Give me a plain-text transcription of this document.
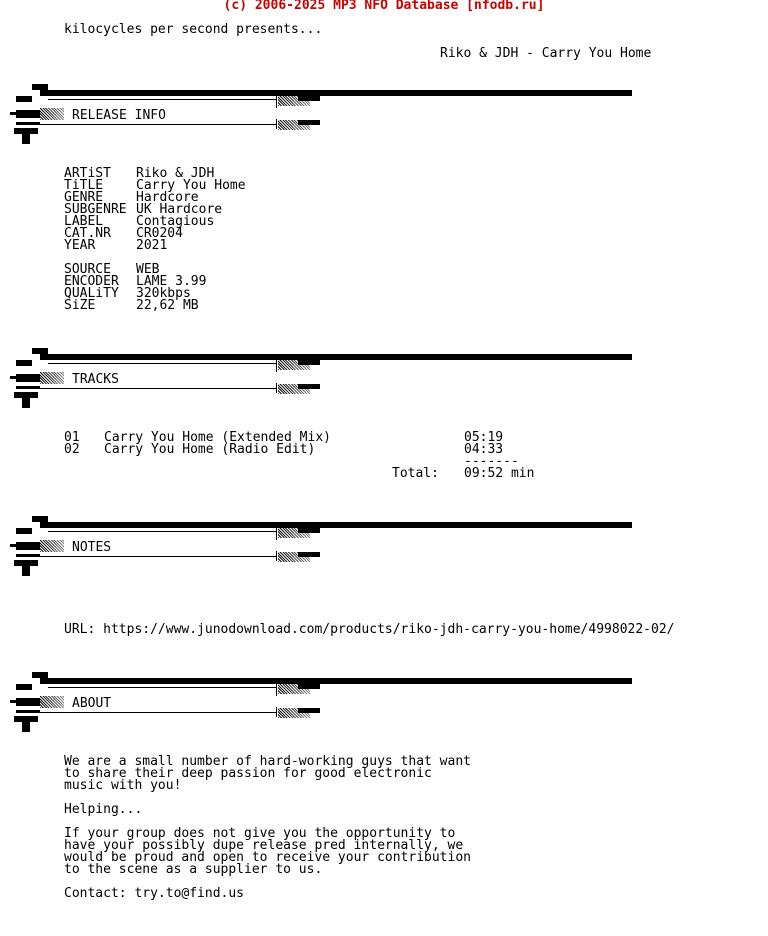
(c) 2006-2025 MP3 NFO Database [nfodb.ru]
kilocycles per second presents...
Riko & JDH - Carry You Home
RELEASE INFO
ARTiST	Riko & JDH
TiTLE	Carry You Home
GENRE	Hardcore
SUBGENRE UK Hardcore
LABEL	Contagious
CAT.NR	CR0204
YEAR	2021
SOURCE	WEB
ENCODER	LAME 3.99
QUALiTY	320kbps
SiZE	22,62 MB
TRACKS
01 Carry You Home (Extended Mix)	05:19
02 Carry You Home (Radio Edit)	04:33
-------
Total: 09:52 min
NOTES
URL: https://www.junodownload.com/products/riko-jdh-carry-you-home/4998022-02/
ABOUT
We are a small number of hard-working guys that want
to share their deep passion for good electronic
music with you!
Helping...
If your group does not give you the opportunity to
have your possibly dupe release pred internally, we
would be proud and open to receive your contribution
to the scene as a supplier to us.
Contact: try.to@find.us
